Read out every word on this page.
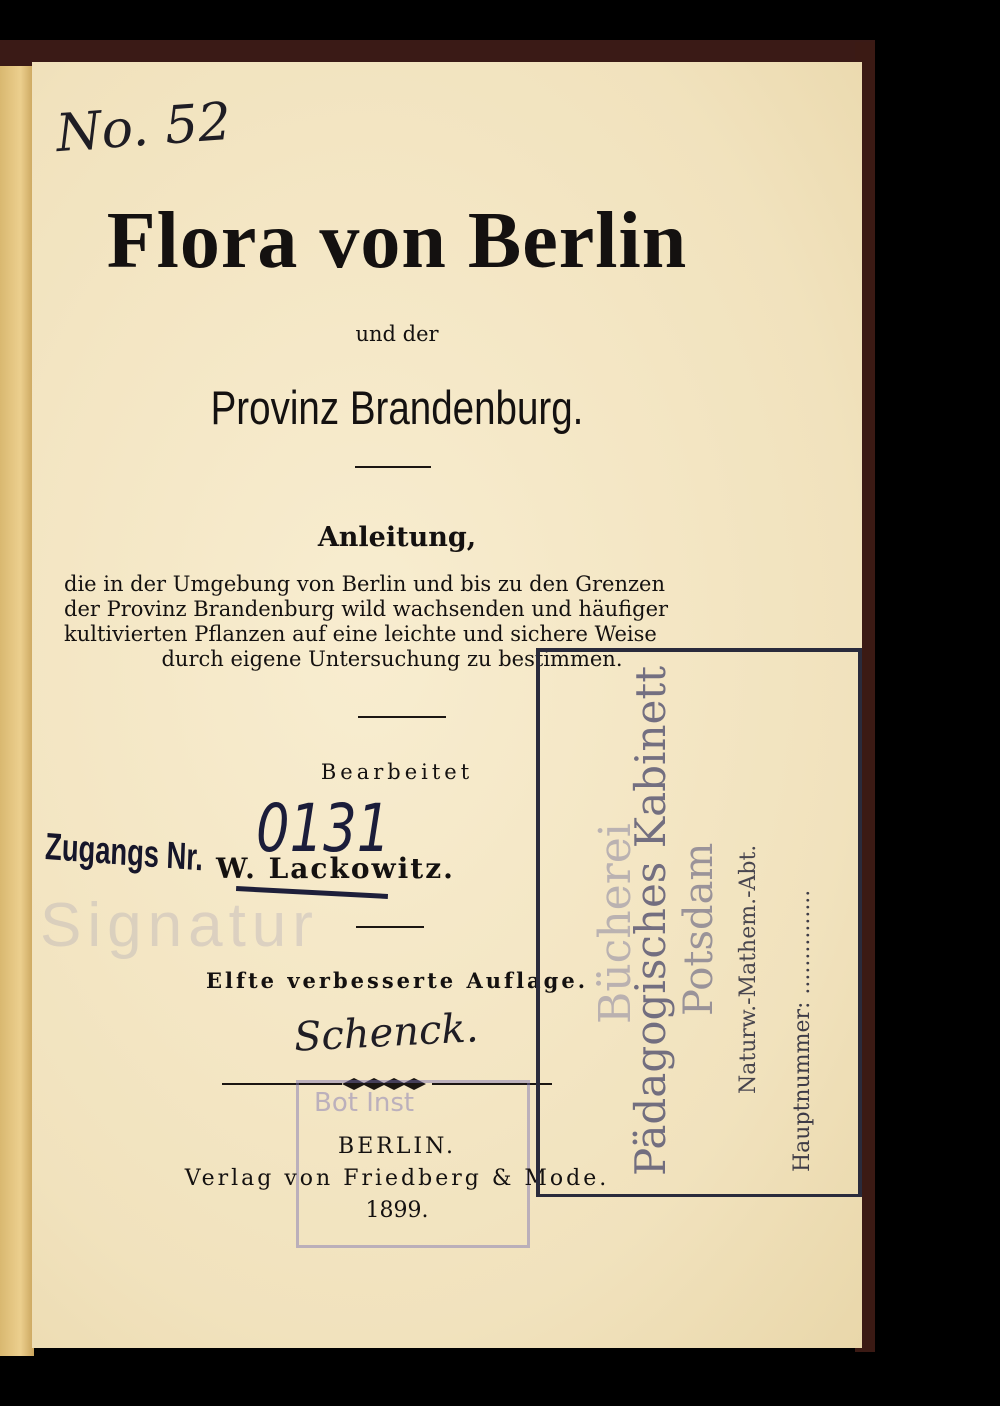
No. 52
Flora von Berlin
und der
Provinz Brandenburg.
Anleitung,
die in der Umgebung von Berlin und bis zu den Grenzen
der Provinz Brandenburg wild wachsenden und häufiger
kultivierten Pflanzen auf eine leichte und sichere Weise
durch eigene Untersuchung zu bestimmen.
Bearbeitet
Signatur
W. Lackowitz.
Zugangs Nr. 0131
Elfte verbesserte Auflage.
Schenck.
Bot Inst
BERLIN.
Verlag von Friedberg & Mode.
1899.
Bücherei
Pädagogisches Kabinett Potsdam Naturw.-Mathem.-Abt. Hauptnummer: ...............
